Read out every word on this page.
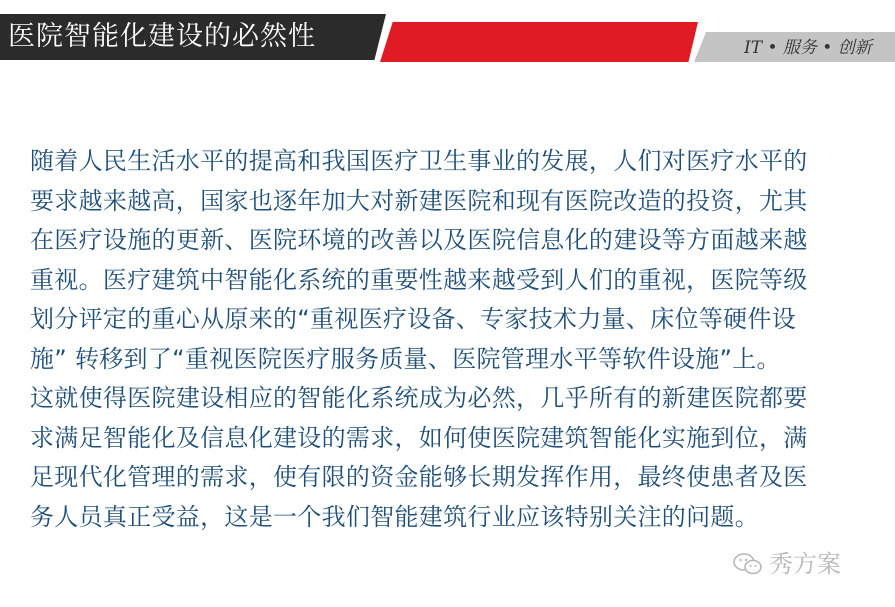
医院智能化建设的必然性	IT • 服务 • 创新
随着人民生活水平的提高和我国医疗卫生事业的发展，人们对医疗水平的
要求越来越高，国家也逐年加大对新建医院和现有医院改造的投资，尤其
在医疗设施的更新、医院环境的改善以及医院信息化的建设等方面越来越
重视。医疗建筑中智能化系统的重要性越来越受到人们的重视，医院等级
划分评定的重心从原来的“重视医疗设备、专家技术力量、床位等硬件设
施” 转移到了“重视医院医疗服务质量、医院管理水平等软件设施”上。
这就使得医院建设相应的智能化系统成为必然，几乎所有的新建医院都要
求满足智能化及信息化建设的需求，如何使医院建筑智能化实施到位，满
足现代化管理的需求，使有限的资金能够长期发挥作用，最终使患者及医
务人员真正受益，这是一个我们智能建筑行业应该特别关注的问题。
秀方案
